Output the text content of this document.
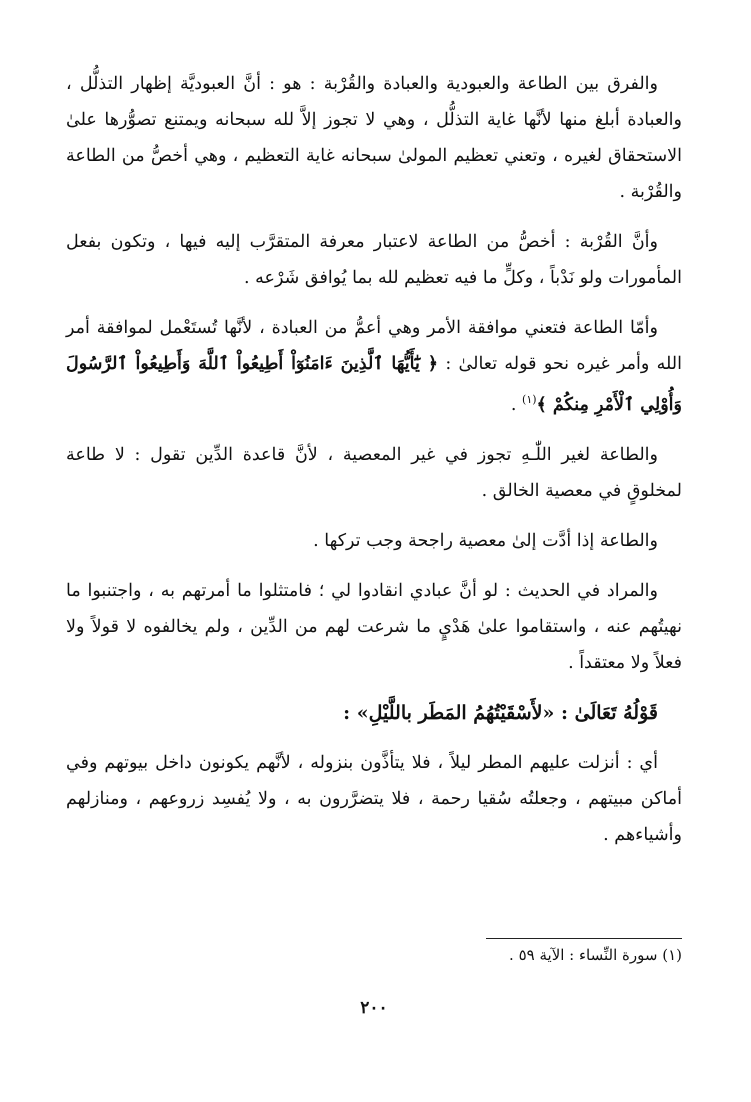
والفرق بين الطاعة والعبودية والعبادة والقُرْبة : هو : أنَّ العبوديَّة إظهار التذلُّل ، والعبادة أبلغ منها لأنَّها غاية التذلُّل ، وهي لا تجوز إلاَّ لله سبحانه ويمتنع تصوُّرها علىٰ الاستحقاق لغيره ، وتعني تعظيم المولىٰ سبحانه غاية التعظيم ، وهي أخصُّ من الطاعة والقُرْبة .

وأنَّ القُرْبة : أخصُّ من الطاعة لاعتبار معرفة المتقرَّب إليه فيها ، وتكون بفعل المأمورات ولو نَدْباً ، وكلٍّ ما فيه تعظيم لله بما يُوافق شَرْعه .

وأمّا الطاعة فتعني موافقة الأمر وهي أعمُّ من العبادة ، لأنَّها تُستَعْمل لموافقة أمر الله وأمر غيره نحو قوله تعالىٰ : ﴿ يَٰٓأَيُّهَا ٱلَّذِينَ ءَامَنُوٓاْ أَطِيعُواْ ٱللَّهَ وَأَطِيعُواْ ٱلرَّسُولَ وَأُوْلِي ٱلْأَمْرِ مِنكُمْ ﴾$^{(١)}$ .

والطاعة لغير اللّٰـهِ تجوز في غير المعصية ، لأنَّ قاعدة الدِّين تقول : لا طاعة لمخلوقٍ في معصية الخالق .

والطاعة إذا أدَّت إلىٰ معصية راجحة وجب تركها .

والمراد في الحديث : لو أنَّ عبادي انقادوا لي ؛ فامتثلوا ما أمرتهم به ، واجتنبوا ما نهيتُهم عنه ، واستقاموا علىٰ هَدْيٍ ما شرعت لهم من الدِّين ، ولم يخالفوه لا قولاً ولا فعلاً ولا معتقداً .

قَوْلُهُ تَعَالَىٰ : «لأَسْقَيْتُهُمُ المَطَر باللَّيْلِ» :

أي : أنزلت عليهم المطر ليلاً ، فلا يتأذَّون بنزوله ، لأنَّهم يكونون داخل بيوتهم وفي أماكن مبيتهم ، وجعلتُه سُقيا رحمة ، فلا يتضرَّرون به ، ولا يُفسِد زروعهم ، ومنازلهم وأشياءهم .

(١) سورة النِّساء : الآية ٥٩ .

٢٠٠
